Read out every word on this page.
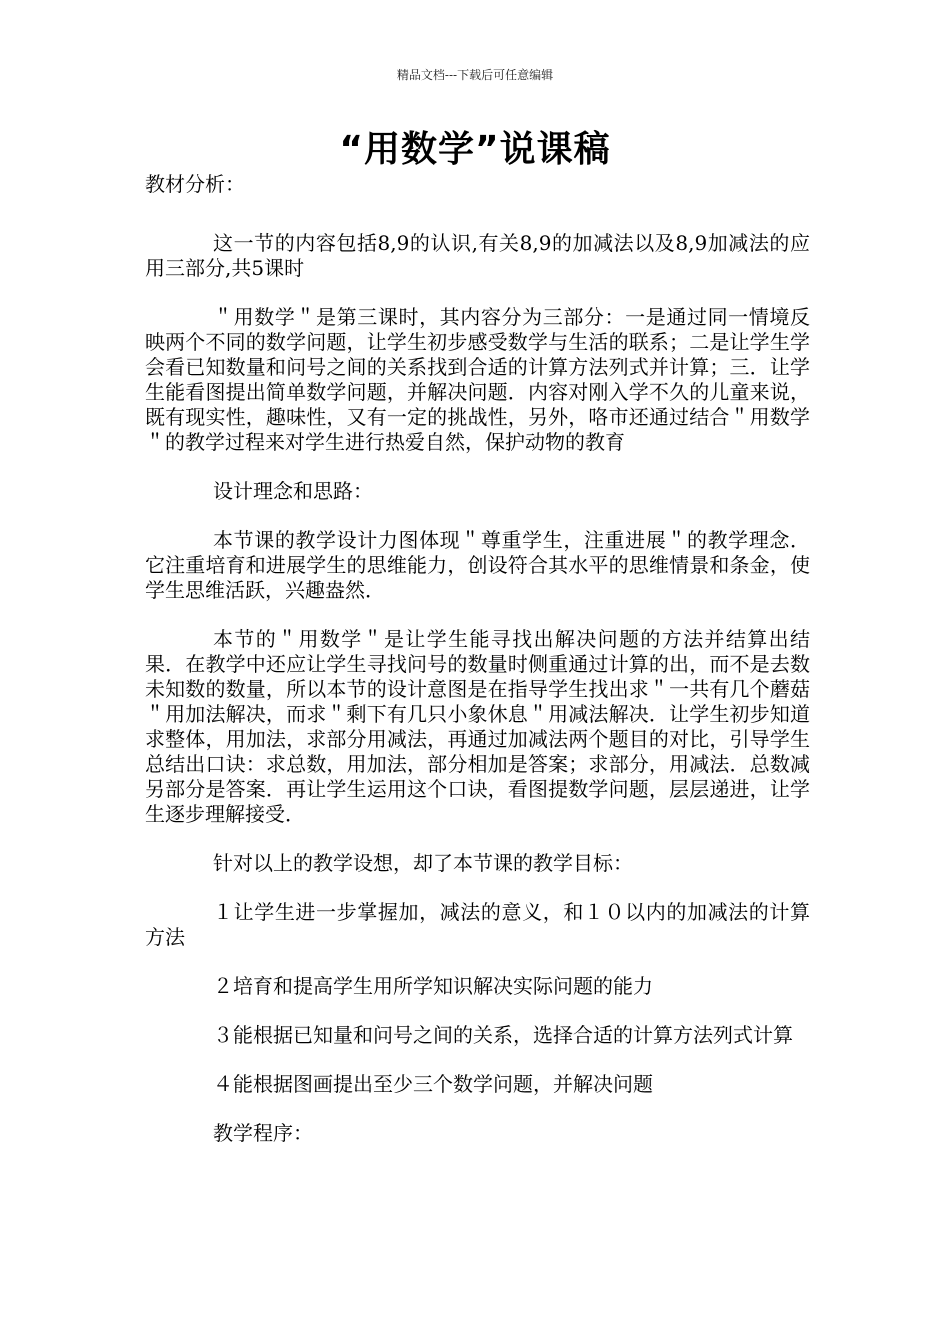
精品文档---下载后可任意编辑
“用数学”说课稿

教材分析：

这一节的内容包括8,9的认识,有关8,9的加减法以及8,9加减法的应用三部分,共5课时

＂用数学＂是第三课时，其内容分为三部分：一是通过同一情境反映两个不同的数学问题，让学生初步感受数学与生活的联系；二是让学生学会看已知数量和问号之间的关系找到合适的计算方法列式并计算；三．让学生能看图提出简单数学问题，并解决问题．内容对刚入学不久的儿童来说，既有现实性，趣味性，又有一定的挑战性，另外，咯市还通过结合＂用数学＂的教学过程来对学生进行热爱自然，保护动物的教育

设计理念和思路：

本节课的教学设计力图体现＂尊重学生，注重进展＂的教学理念．它注重培育和进展学生的思维能力，创设符合其水平的思维情景和条金，使学生思维活跃，兴趣盎然．

本节的＂用数学＂是让学生能寻找出解决问题的方法并结算出结果．在教学中还应让学生寻找问号的数量时侧重通过计算的出，而不是去数未知数的数量，所以本节的设计意图是在指导学生找出求＂一共有几个蘑菇＂用加法解决，而求＂剩下有几只小象休息＂用减法解决．让学生初步知道求整体，用加法，求部分用减法，再通过加减法两个题目的对比，引导学生总结出口诀：求总数，用加法，部分相加是答案；求部分，用减法．总数减另部分是答案．再让学生运用这个口诀，看图提数学问题，层层递进，让学生逐步理解接受．

针对以上的教学设想，却了本节课的教学目标：

１让学生进一步掌握加，减法的意义，和１０以内的加减法的计算方法

２培育和提高学生用所学知识解决实际问题的能力

３能根据已知量和问号之间的关系，选择合适的计算方法列式计算

４能根据图画提出至少三个数学问题，并解决问题

教学程序：
